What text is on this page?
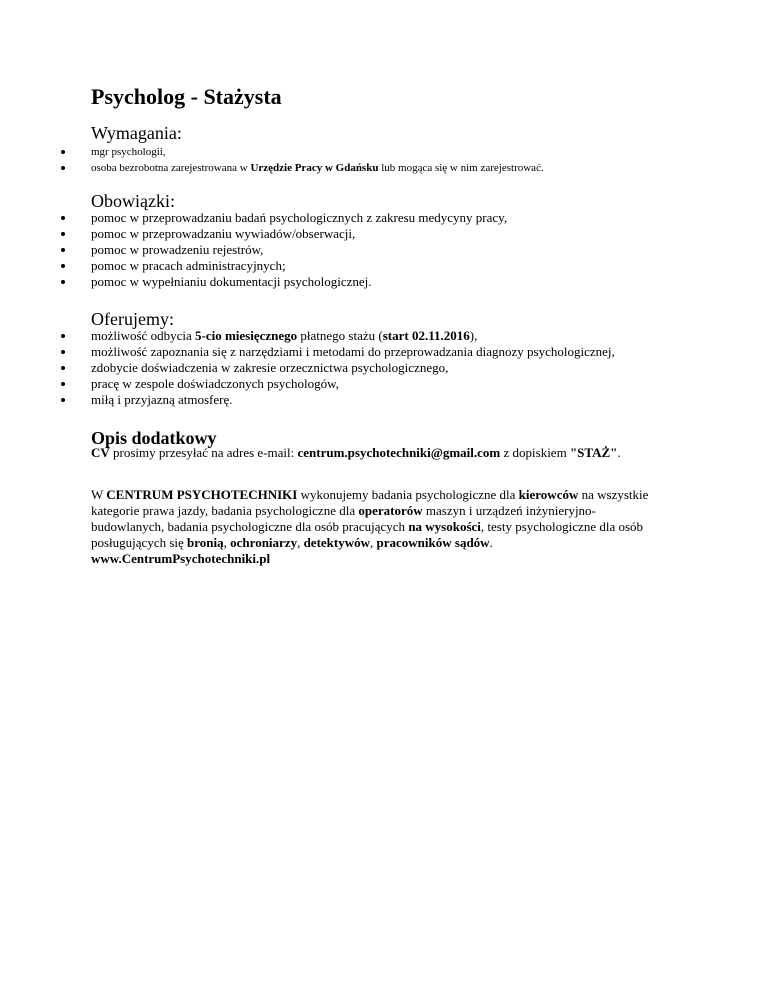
Psycholog - Stażysta
Wymagania:
mgr psychologii,
osoba bezrobotna zarejestrowana w Urzędzie Pracy w Gdańsku lub mogąca się w nim zarejestrować.
Obowiązki:
pomoc w przeprowadzaniu badań psychologicznych z zakresu medycyny pracy,
pomoc w przeprowadzaniu wywiadów/obserwacji,
pomoc w prowadzeniu rejestrów,
pomoc w pracach administracyjnych;
pomoc w wypełnianiu dokumentacji psychologicznej.
Oferujemy:
możliwość odbycia 5-cio miesięcznego płatnego stażu (start 02.11.2016),
możliwość zapoznania się z narzędziami i metodami do przeprowadzania diagnozy psychologicznej,
zdobycie doświadczenia w zakresie orzecznictwa psychologicznego,
pracę w zespole doświadczonych psychologów,
miłą i przyjazną atmosferę.
Opis dodatkowy

CV prosimy przesyłać na adres e-mail: centrum.psychotechniki@gmail.com z dopiskiem "STAŻ".

W CENTRUM PSYCHOTECHNIKI wykonujemy badania psychologiczne dla kierowców na wszystkie
kategorie prawa jazdy, badania psychologiczne dla operatorów maszyn i urządzeń inżynieryjno-
budowlanych, badania psychologiczne dla osób pracujących na wysokości, testy psychologiczne dla osób
posługujących się bronią, ochroniarzy, detektywów, pracowników sądów.
www.CentrumPsychotechniki.pl
